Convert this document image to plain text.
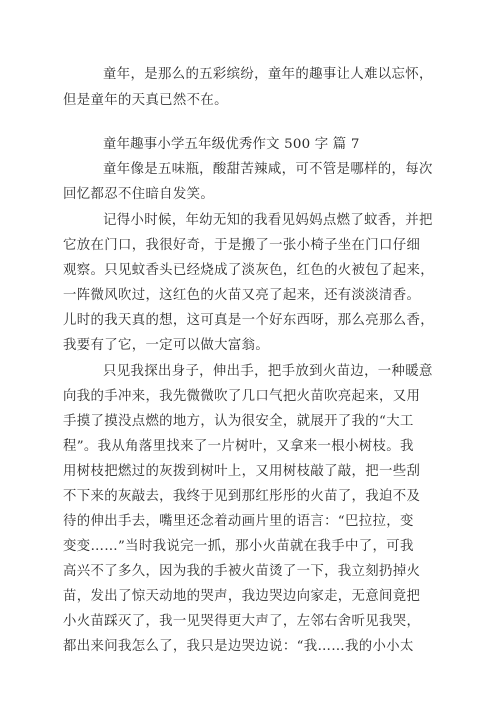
童年，是那么的五彩缤纷，童年的趣事让人难以忘怀，
但是童年的天真已然不在。
童年趣事小学五年级优秀作文 500 字 篇 7
童年像是五味瓶，酸甜苦辣咸，可不管是哪样的，每次
回忆都忍不住暗自发笑。
记得小时候，年幼无知的我看见妈妈点燃了蚊香，并把
它放在门口，我很好奇，于是搬了一张小椅子坐在门口仔细
观察。只见蚊香头已经烧成了淡灰色，红色的火被包了起来，
一阵微风吹过，这红色的火苗又亮了起来，还有淡淡清香。
儿时的我天真的想，这可真是一个好东西呀，那么亮那么香，
我要有了它，一定可以做大富翁。
只见我探出身子，伸出手，把手放到火苗边，一种暖意
向我的手冲来，我先微微吹了几口气把火苗吹亮起来，又用
手摸了摸没点燃的地方，认为很安全，就展开了我的“大工
程”。我从角落里找来了一片树叶，又拿来一根小树枝。我
用树枝把燃过的灰拨到树叶上，又用树枝敲了敲，把一些刮
不下来的灰敲去，我终于见到那红彤彤的火苗了，我迫不及
待的伸出手去，嘴里还念着动画片里的语言：“巴拉拉，变
变变……”当时我说完一抓，那小火苗就在我手中了，可我
高兴不了多久，因为我的手被火苗烫了一下，我立刻扔掉火
苗，发出了惊天动地的哭声，我边哭边向家走，无意间竟把
小火苗踩灭了，我一见哭得更大声了，左邻右舍听见我哭，
都出来问我怎么了，我只是边哭边说：“我……我的小小太
